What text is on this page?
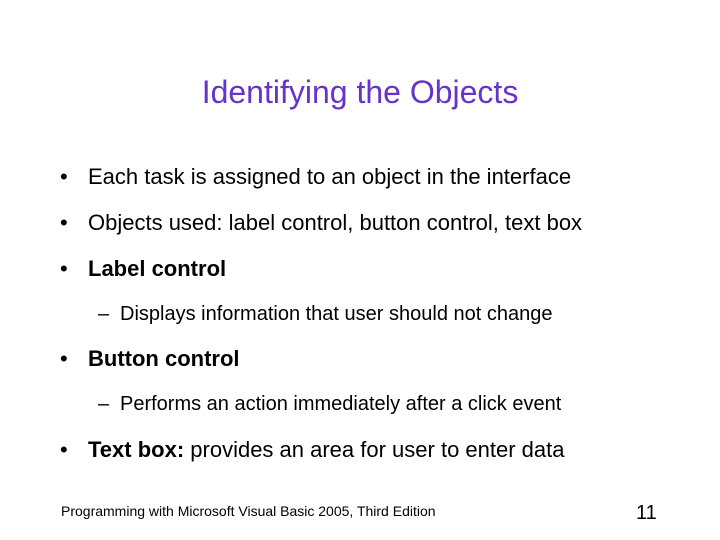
Identifying the Objects
• Each task is assigned to an object in the interface
• Objects used: label control, button control, text box
• Label control
– Displays information that user should not change
• Button control
– Performs an action immediately after a click event
• Text box: provides an area for user to enter data
Programming with Microsoft Visual Basic 2005, Third Edition	11
